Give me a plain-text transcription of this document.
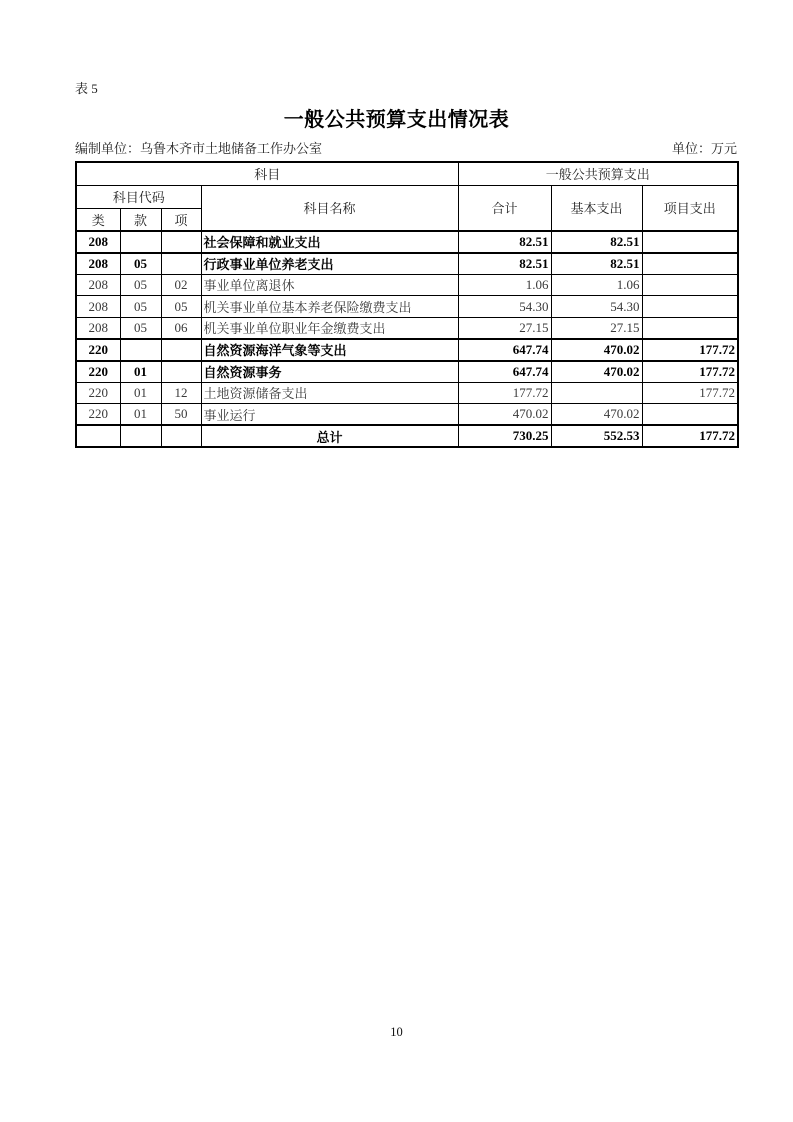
表 5
一般公共预算支出情况表
编制单位：乌鲁木齐市土地储备工作办公室	单位：万元
科目				一般公共预算支出		
科目代码			科目名称	合计	基本支出	项目支出
类	款	项				
208			社会保障和就业支出	82.51	82.51	
208	05		行政事业单位养老支出	82.51	82.51	
208	05	02	事业单位离退休	1.06	1.06	
208	05	05	机关事业单位基本养老保险缴费支出	54.30	54.30	
208	05	06	机关事业单位职业年金缴费支出	27.15	27.15	
220			自然资源海洋气象等支出	647.74	470.02	177.72
220	01		自然资源事务	647.74	470.02	177.72
220	01	12	土地资源储备支出	177.72		177.72
220	01	50	事业运行	470.02	470.02	
			总计	730.25	552.53	177.72
10
